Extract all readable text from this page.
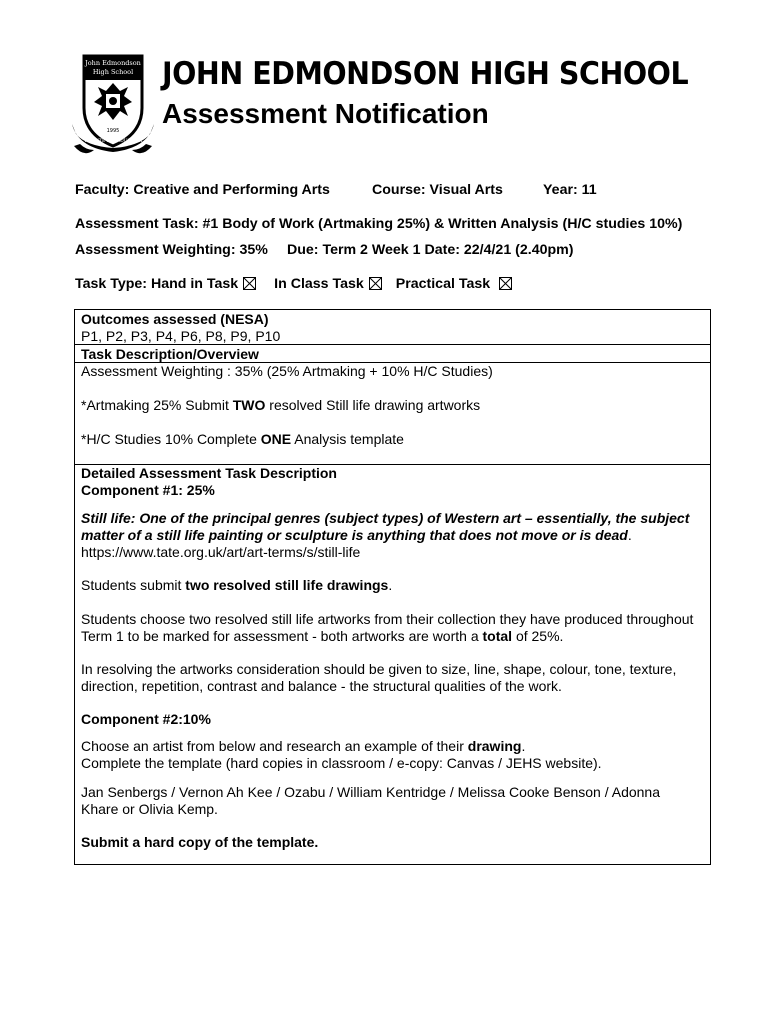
John Edmondson
High School
1995
VIRTUTE ET INDUSTRIA
JOHN EDMONDSON HIGH SCHOOL
Assessment Notification
Faculty: Creative and Performing Arts	Course: Visual Arts	Year: 11
Assessment Task: #1 Body of Work (Artmaking 25%) & Written Analysis (H/C studies 10%)
Assessment Weighting: 35% Due: Term 2 Week 1 Date: 22/4/21 (2.40pm)
Task Type: Hand in Task	In Class Task Practical Task
Outcomes assessed (NESA)
P1, P2, P3, P4, P6, P8, P9, P10
Task Description/Overview
Assessment Weighting : 35% (25% Artmaking + 10% H/C Studies)
*Artmaking 25% Submit TWO resolved Still life drawing artworks
*H/C Studies 10% Complete ONE Analysis template
Detailed Assessment Task Description
Component #1: 25%
Still life: One of the principal genres (subject types) of Western art – essentially, the subject
matter of a still life painting or sculpture is anything that does not move or is dead.
https://www.tate.org.uk/art/art-terms/s/still-life
Students submit two resolved still life drawings.
Students choose two resolved still life artworks from their collection they have produced throughout
Term 1 to be marked for assessment - both artworks are worth a total of 25%.
In resolving the artworks consideration should be given to size, line, shape, colour, tone, texture,
direction, repetition, contrast and balance - the structural qualities of the work.
Component #2:10%
Choose an artist from below and research an example of their drawing.
Complete the template (hard copies in classroom / e-copy: Canvas / JEHS website).
Jan Senbergs / Vernon Ah Kee / Ozabu / William Kentridge / Melissa Cooke Benson / Adonna
Khare or Olivia Kemp.
Submit a hard copy of the template.
